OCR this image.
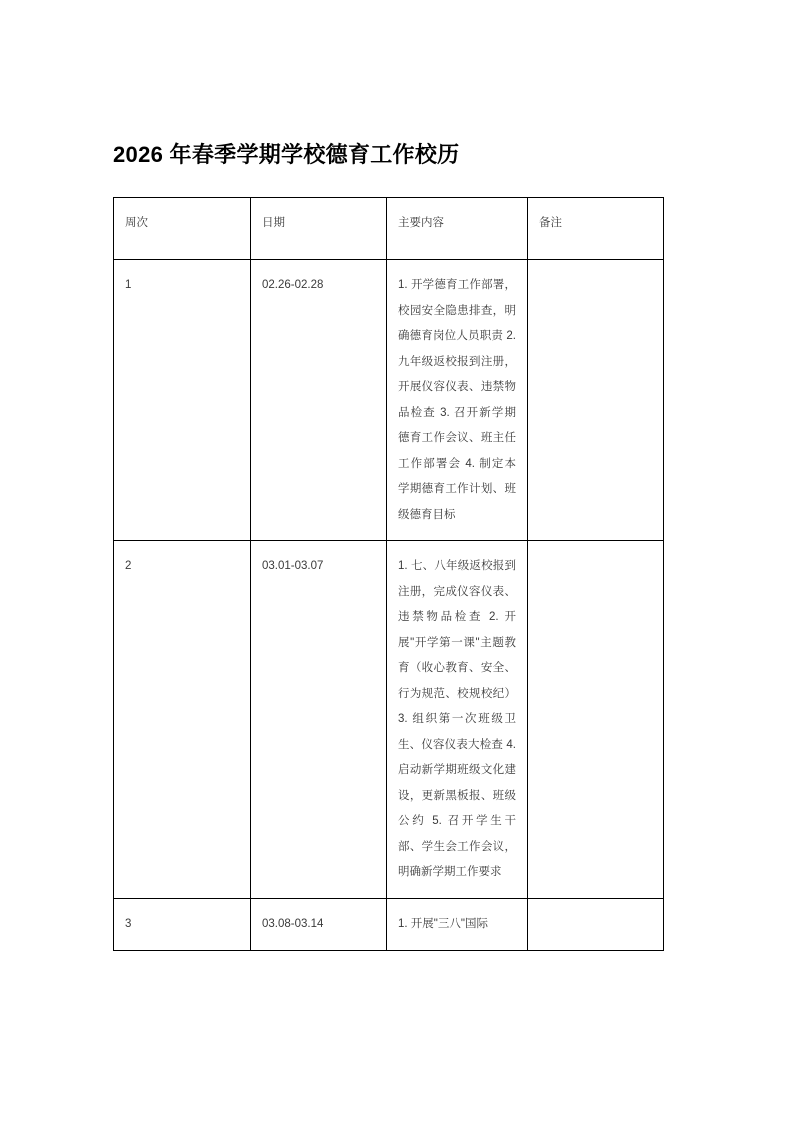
2026 年春季学期学校德育工作校历
周次	日期	主要内容	备注
1	02.26-02.28	1. 开学德育工作部署，校园安全隐患排查，明确德育岗位人员职责 2. 九年级返校报到注册，开展仪容仪表、违禁物品检查 3. 召开新学期德育工作会议、班主任工作部署会 4. 制定本学期德育工作计划、班级德育目标	
2	03.01-03.07	1. 七、八年级返校报到注册，完成仪容仪表、违禁物品检查 2. 开展"开学第一课"主题教育（收心教育、安全、行为规范、校规校纪）3. 组织第一次班级卫生、仪容仪表大检查 4. 启动新学期班级文化建设，更新黑板报、班级公约 5. 召开学生干部、学生会工作会议，明确新学期工作要求	
3	03.08-03.14	1. 开展"三八"国际	
